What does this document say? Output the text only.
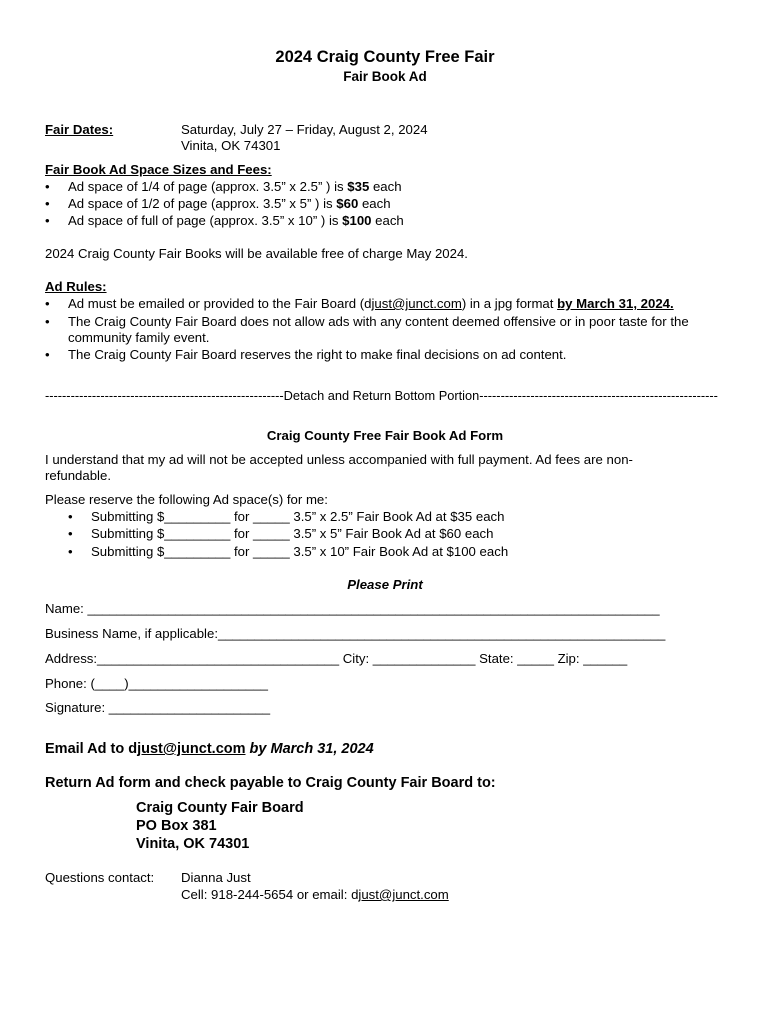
2024 Craig County Free Fair
Fair Book Ad
Fair Dates:	Saturday, July 27 – Friday, August 2, 2024
Vinita, OK 74301
Fair Book Ad Space Sizes and Fees:
• Ad space of 1/4 of page (approx. 3.5” x 2.5” ) is $35 each
• Ad space of 1/2 of page (approx. 3.5” x 5” ) is $60 each
• Ad space of full of page (approx. 3.5” x 10” ) is $100 each
2024 Craig County Fair Books will be available free of charge May 2024.
Ad Rules:
• Ad must be emailed or provided to the Fair Board (djust@junct.com) in a jpg format by March 31, 2024.
• The Craig County Fair Board does not allow ads with any content deemed offensive or in poor taste for the
community family event.
• The Craig County Fair Board reserves the right to make final decisions on ad content.
--------------------------------------------------------Detach and Return Bottom Portion--------------------------------------------------------
Craig County Free Fair Book Ad Form
I understand that my ad will not be accepted unless accompanied with full payment. Ad fees are non-
refundable.
Please reserve the following Ad space(s) for me:
• Submitting $_________ for _____ 3.5” x 2.5” Fair Book Ad at $35 each
• Submitting $_________ for _____ 3.5” x 5” Fair Book Ad at $60 each
• Submitting $_________ for _____ 3.5” x 10” Fair Book Ad at $100 each
Please Print
Name: ______________________________________________________________________________
Business Name, if applicable:_____________________________________________________________
Address:_________________________________ City: ______________ State: _____ Zip: ______
Phone: (____)___________________
Signature: ______________________
Email Ad to djust@junct.com by March 31, 2024
Return Ad form and check payable to Craig County Fair Board to:
Craig County Fair Board
PO Box 381
Vinita, OK 74301
Questions contact: Dianna Just
Cell: 918-244-5654 or email: djust@junct.com
